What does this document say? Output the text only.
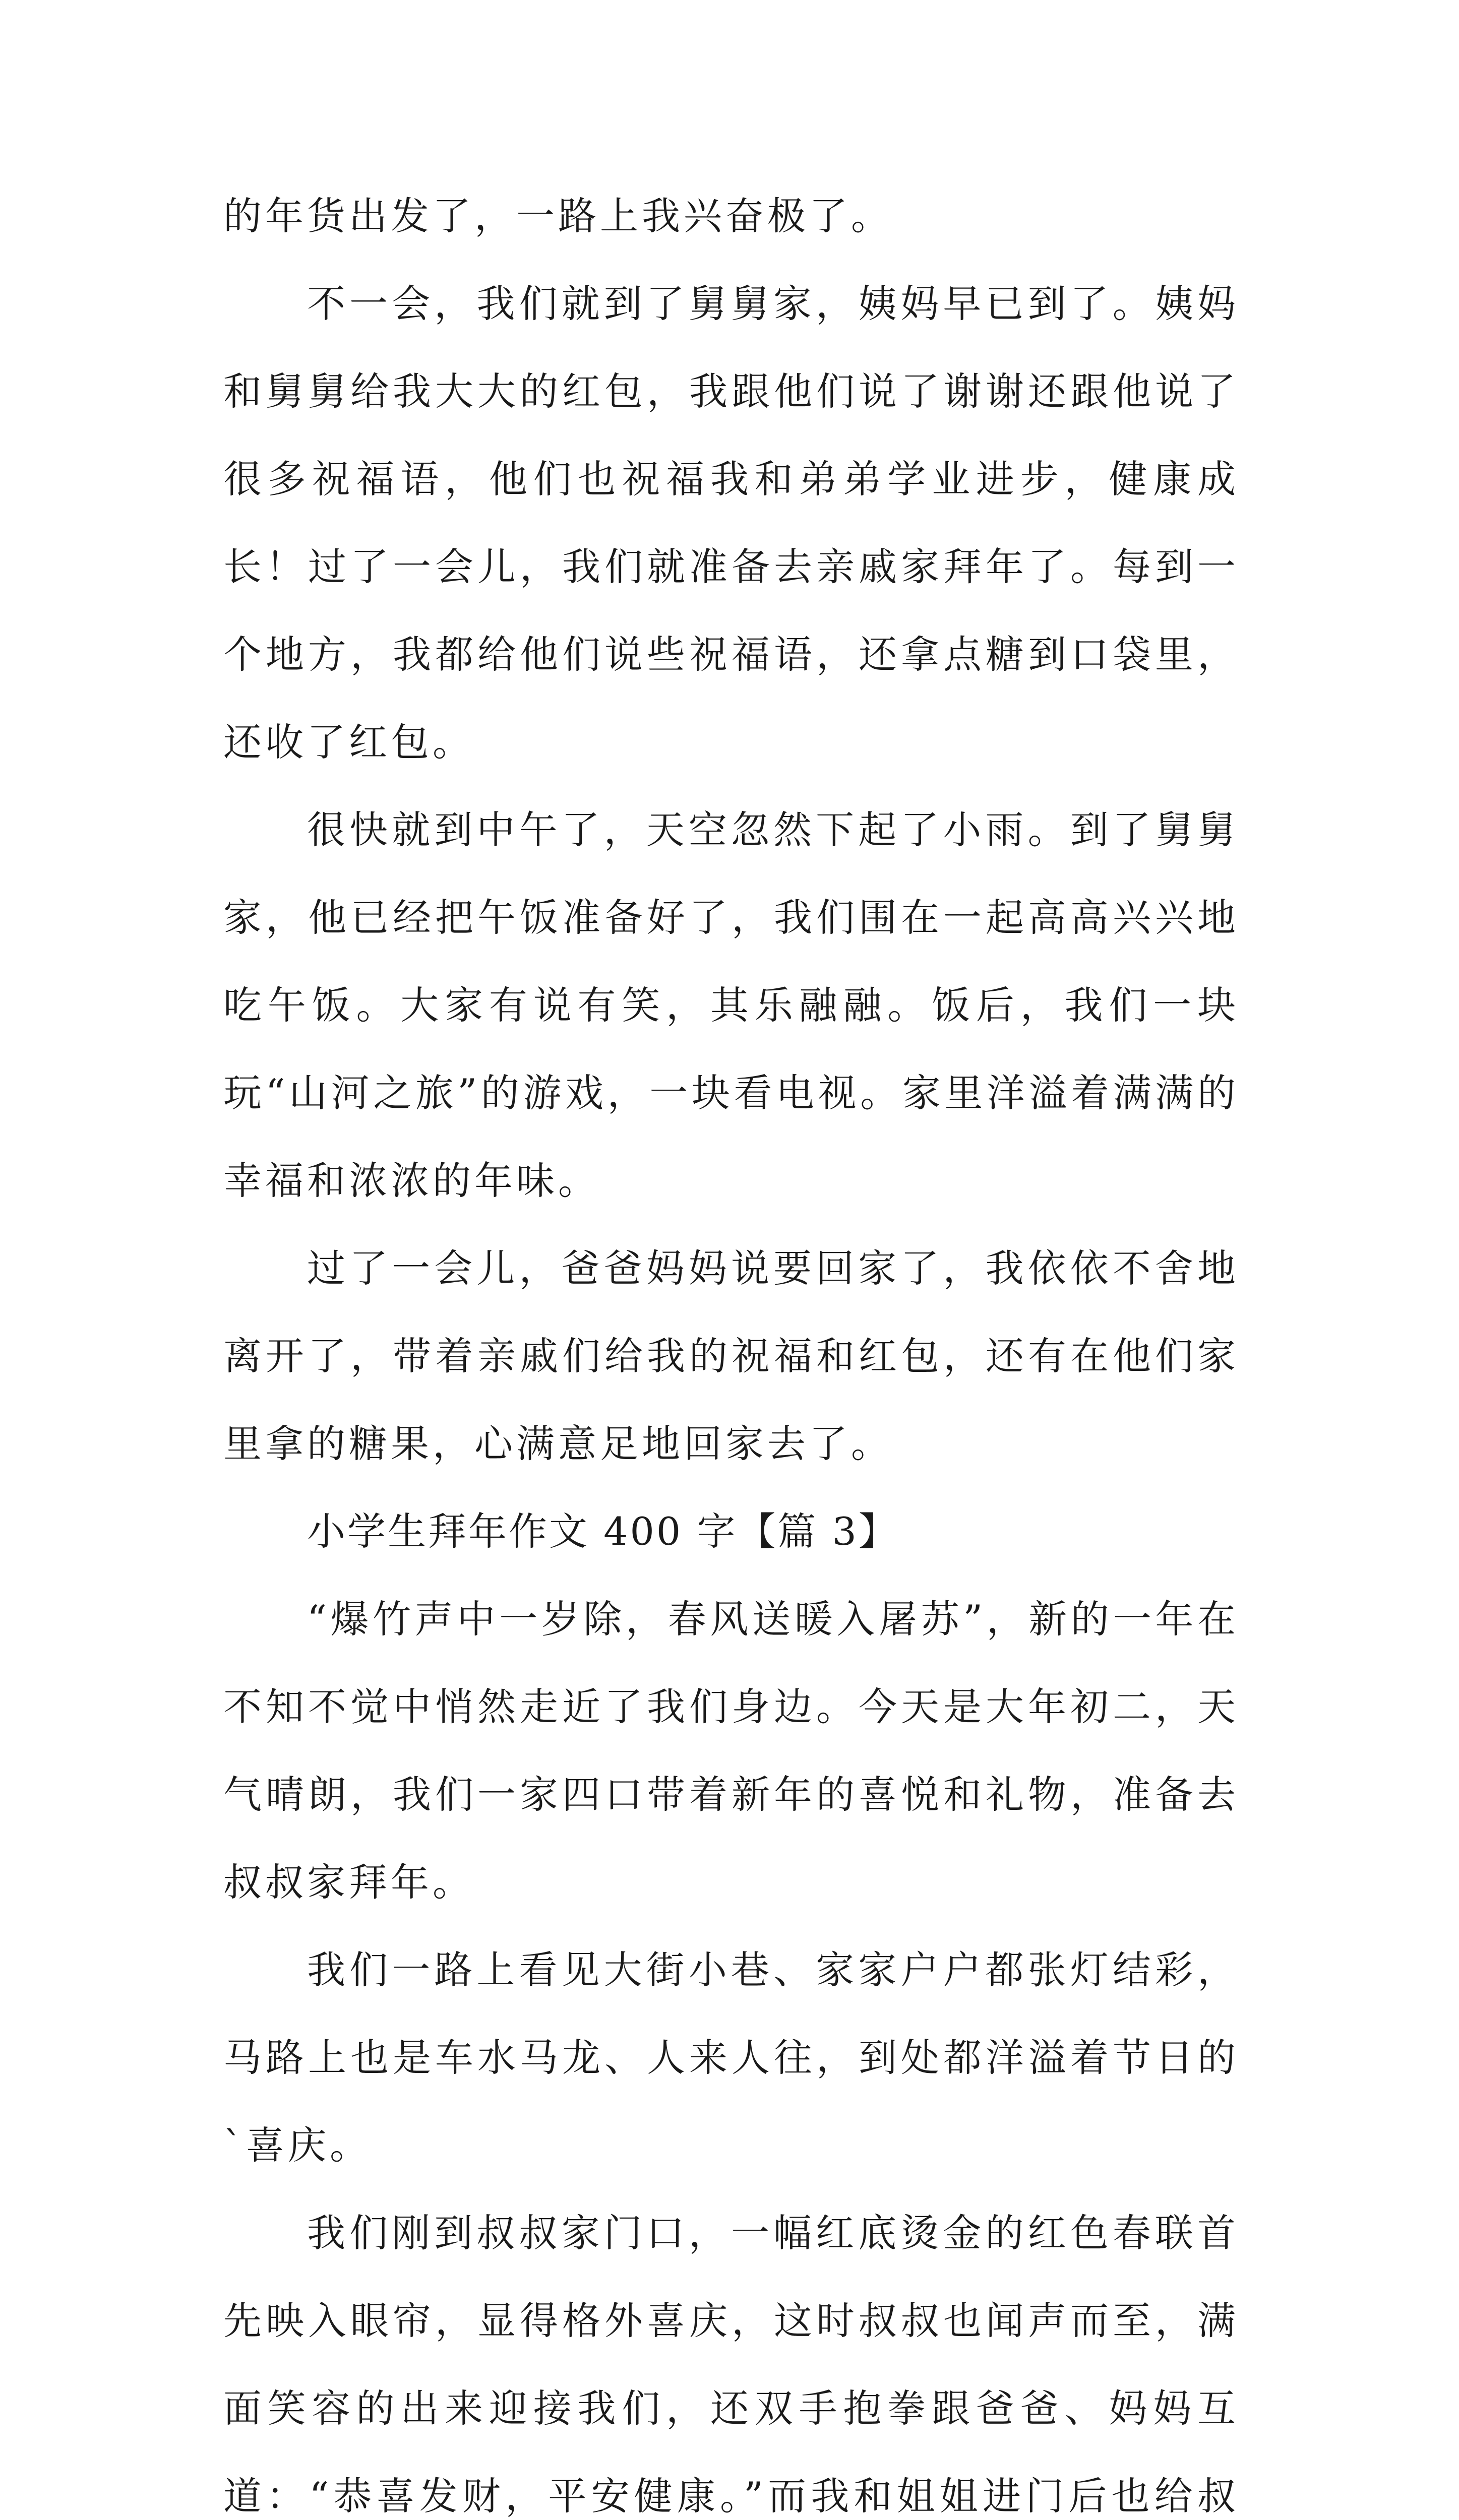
的年货出发了，一路上我兴奋极了。

不一会，我们就到了舅舅家，姨妈早已到了。姨妈和舅舅给我大大的红包，我跟他们说了谢谢还跟他说了很多祝福语，他们也祝福我和弟弟学业进步，健康成长！过了一会儿，我们就准备去亲戚家拜年了。每到一个地方，我都给他们说些祝福语，还拿点糖到口袋里，还收了红包。

很快就到中午了，天空忽然下起了小雨。到了舅舅家，他已经把午饭准备好了，我们围在一起高高兴兴地吃午饭。大家有说有笑，其乐融融。饭后，我们一块玩“山河之旅”的游戏，一块看电视。家里洋溢着满满的幸福和浓浓的年味。

过了一会儿，爸爸妈妈说要回家了，我依依不舍地离开了，带着亲戚们给我的祝福和红包，还有在他们家里拿的糖果，心满意足地回家去了。

小学生拜年作文 400 字【篇 3】

“爆竹声中一岁除，春风送暖入屠苏”，新的一年在不知不觉中悄然走近了我们身边。今天是大年初二，天气晴朗，我们一家四口带着新年的喜悦和礼物，准备去叔叔家拜年。

我们一路上看见大街小巷、家家户户都张灯结彩，马路上也是车水马龙、人来人往，到处都洋溢着节日的`喜庆。

我们刚到叔叔家门口，一幅红底烫金的红色春联首先映入眼帘，显得格外喜庆，这时叔叔也闻声而至，满面笑容的出来迎接我们，还双手抱拳跟爸爸、妈妈互道：“恭喜发财，平安健康。”而我和姐姐进门后也给叔
